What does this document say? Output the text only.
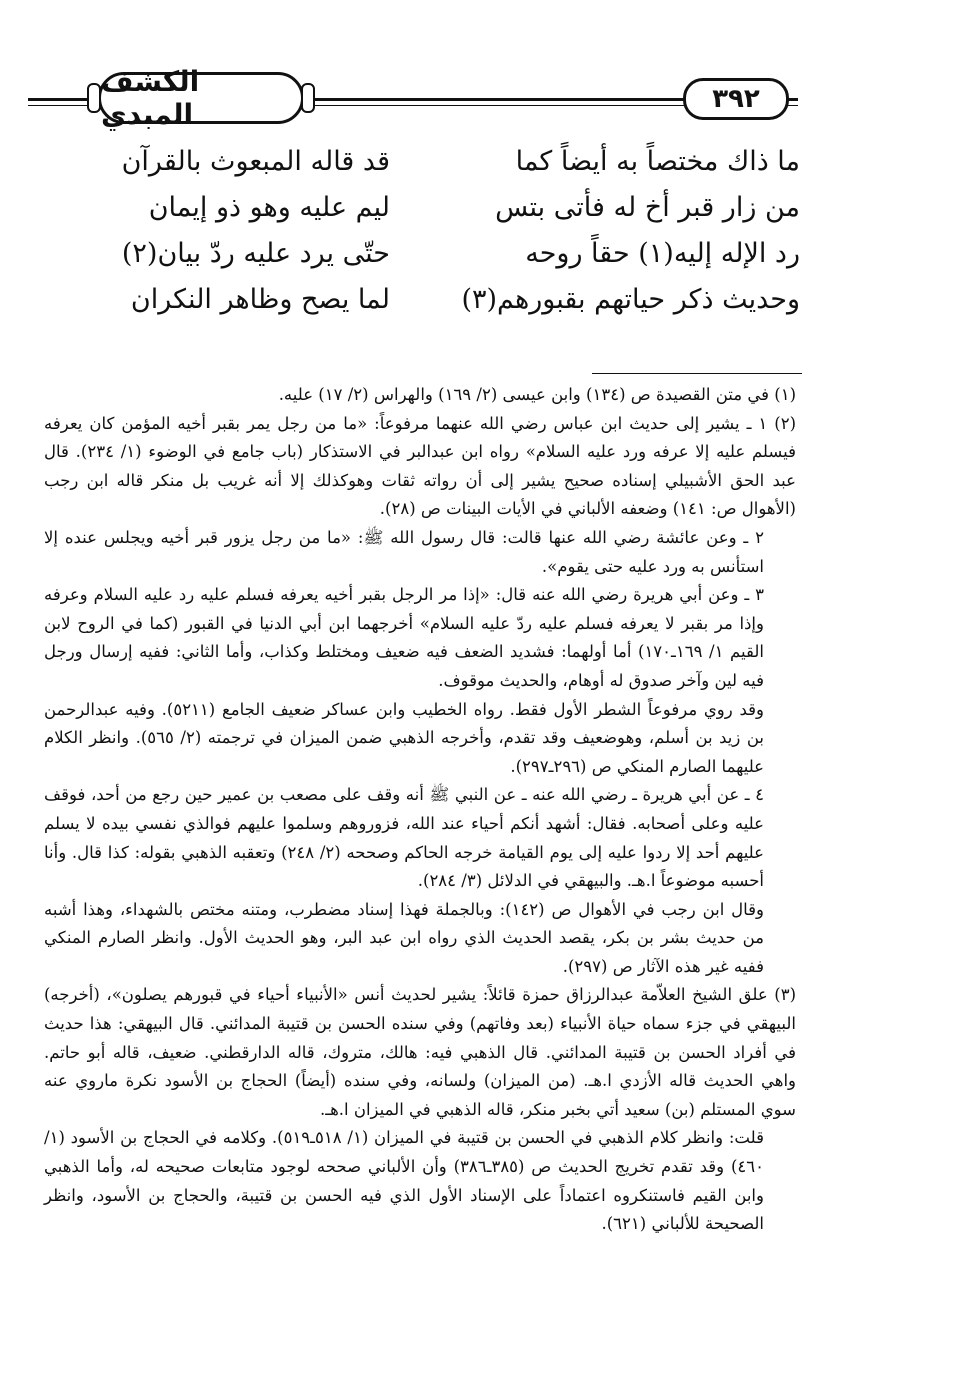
الكشف المبدي	٣٩٢
ما ذاك مختصاً به أيضاً كما
قد قاله المبعوث بالقرآن
من زار قبر أخ له فأتى بتس
ليم عليه وهو ذو إيمان
رد الإله إليه(١) حقاً روحه
حتّى يرد عليه ردّ بيان(٢)
وحديث ذكر حياتهم بقبورهم(٣)
لما يصح وظاهر النكران

(١) في متن القصيدة ص (١٣٤) وابن عيسى (٢/ ١٦٩) والهراس (٢/ ١٧) عليه.

(٢) ١ ـ يشير إلى حديث ابن عباس رضي الله عنهما مرفوعاً: «ما من رجل يمر بقبر أخيه المؤمن كان يعرفه فيسلم عليه إلا عرفه ورد عليه السلام» رواه ابن عبدالبر في الاستذكار (باب جامع في الوضوء (١/ ٢٣٤). قال عبد الحق الأشبيلي إسناده صحيح يشير إلى أن رواته ثقات وهوكذلك إلا أنه غريب بل منكر قاله ابن رجب (الأهوال ص: ١٤١) وضعفه الألباني في الأيات البينات ص (٢٨).

٢ ـ وعن عائشة رضي الله عنها قالت: قال رسول الله ﷺ: «ما من رجل يزور قبر أخيه ويجلس عنده إلا استأنس به ورد عليه حتى يقوم».

٣ ـ وعن أبي هريرة رضي الله عنه قال: «إذا مر الرجل بقبر أخيه يعرفه فسلم عليه رد عليه السلام وعرفه وإذا مر بقبر لا يعرفه فسلم عليه ردّ عليه السلام» أخرجهما ابن أبي الدنيا في القبور (كما في الروح لابن القيم ١/ ١٦٩ـ١٧٠) أما أولهما: فشديد الضعف فيه ضعيف ومختلط وكذاب، وأما الثاني: ففيه إرسال ورجل فيه لين وآخر صدوق له أوهام، والحديث موقوف.

وقد روي مرفوعاً الشطر الأول فقط. رواه الخطيب وابن عساكر ضعيف الجامع (٥٢١١). وفيه عبدالرحمن بن زيد بن أسلم، وهوضعيف وقد تقدم، وأخرجه الذهبي ضمن الميزان في ترجمته (٢/ ٥٦٥). وانظر الكلام عليهما الصارم المنكي ص (٢٩٦ـ٢٩٧).

٤ ـ عن أبي هريرة ـ رضي الله عنه ـ عن النبي ﷺ أنه وقف على مصعب بن عمير حين رجع من أحد، فوقف عليه وعلى أصحابه. فقال: أشهد أنكم أحياء عند الله، فزوروهم وسلموا عليهم فوالذي نفسي بيده لا يسلم عليهم أحد إلا ردوا عليه إلى يوم القيامة خرجه الحاكم وصححه (٢/ ٢٤٨) وتعقبه الذهبي بقوله: كذا قال. وأنا أحسبه موضوعاً ا.هـ. والبيهقي في الدلائل (٣/ ٢٨٤).

وقال ابن رجب في الأهوال ص (١٤٢): وبالجملة فهذا إسناد مضطرب، ومتنه مختص بالشهداء، وهذا أشبه من حديث بشر بن بكر، يقصد الحديث الذي رواه ابن عبد البر، وهو الحديث الأول. وانظر الصارم المنكي ففيه غير هذه الآثار ص (٢٩٧).

(٣) علق الشيخ العلاّمة عبدالرزاق حمزة قائلاً: يشير لحديث أنس «الأنبياء أحياء في قبورهم يصلون»، (أخرجه) البيهقي في جزء سماه حياة الأنبياء (بعد وفاتهم) وفي سنده الحسن بن قتيبة المدائني. قال البيهقي: هذا حديث في أفراد الحسن بن قتيبة المدائني. قال الذهبي فيه: هالك، متروك، قاله الدارقطني. ضعيف، قاله أبو حاتم. واهي الحديث قاله الأزدي ا.هـ. (من الميزان) ولسانه، وفي سنده (أيضاً) الحجاج بن الأسود نكرة ماروي عنه سوي المستلم (بن) سعيد أتي بخبر منكر، قاله الذهبي في الميزان ا.هـ.

قلت: وانظر كلام الذهبي في الحسن بن قتيبة في الميزان (١/ ٥١٨ـ٥١٩). وكلامه في الحجاج بن الأسود (١/ ٤٦٠) وقد تقدم تخريج الحديث ص (٣٨٥ـ٣٨٦) وأن الألباني صححه لوجود متابعات صحيحه له، وأما الذهبي وابن القيم فاستنكروه اعتماداً على الإسناد الأول الذي فيه الحسن بن قتيبة، والحجاج بن الأسود، وانظر الصحيحة للألباني (٦٢١).
